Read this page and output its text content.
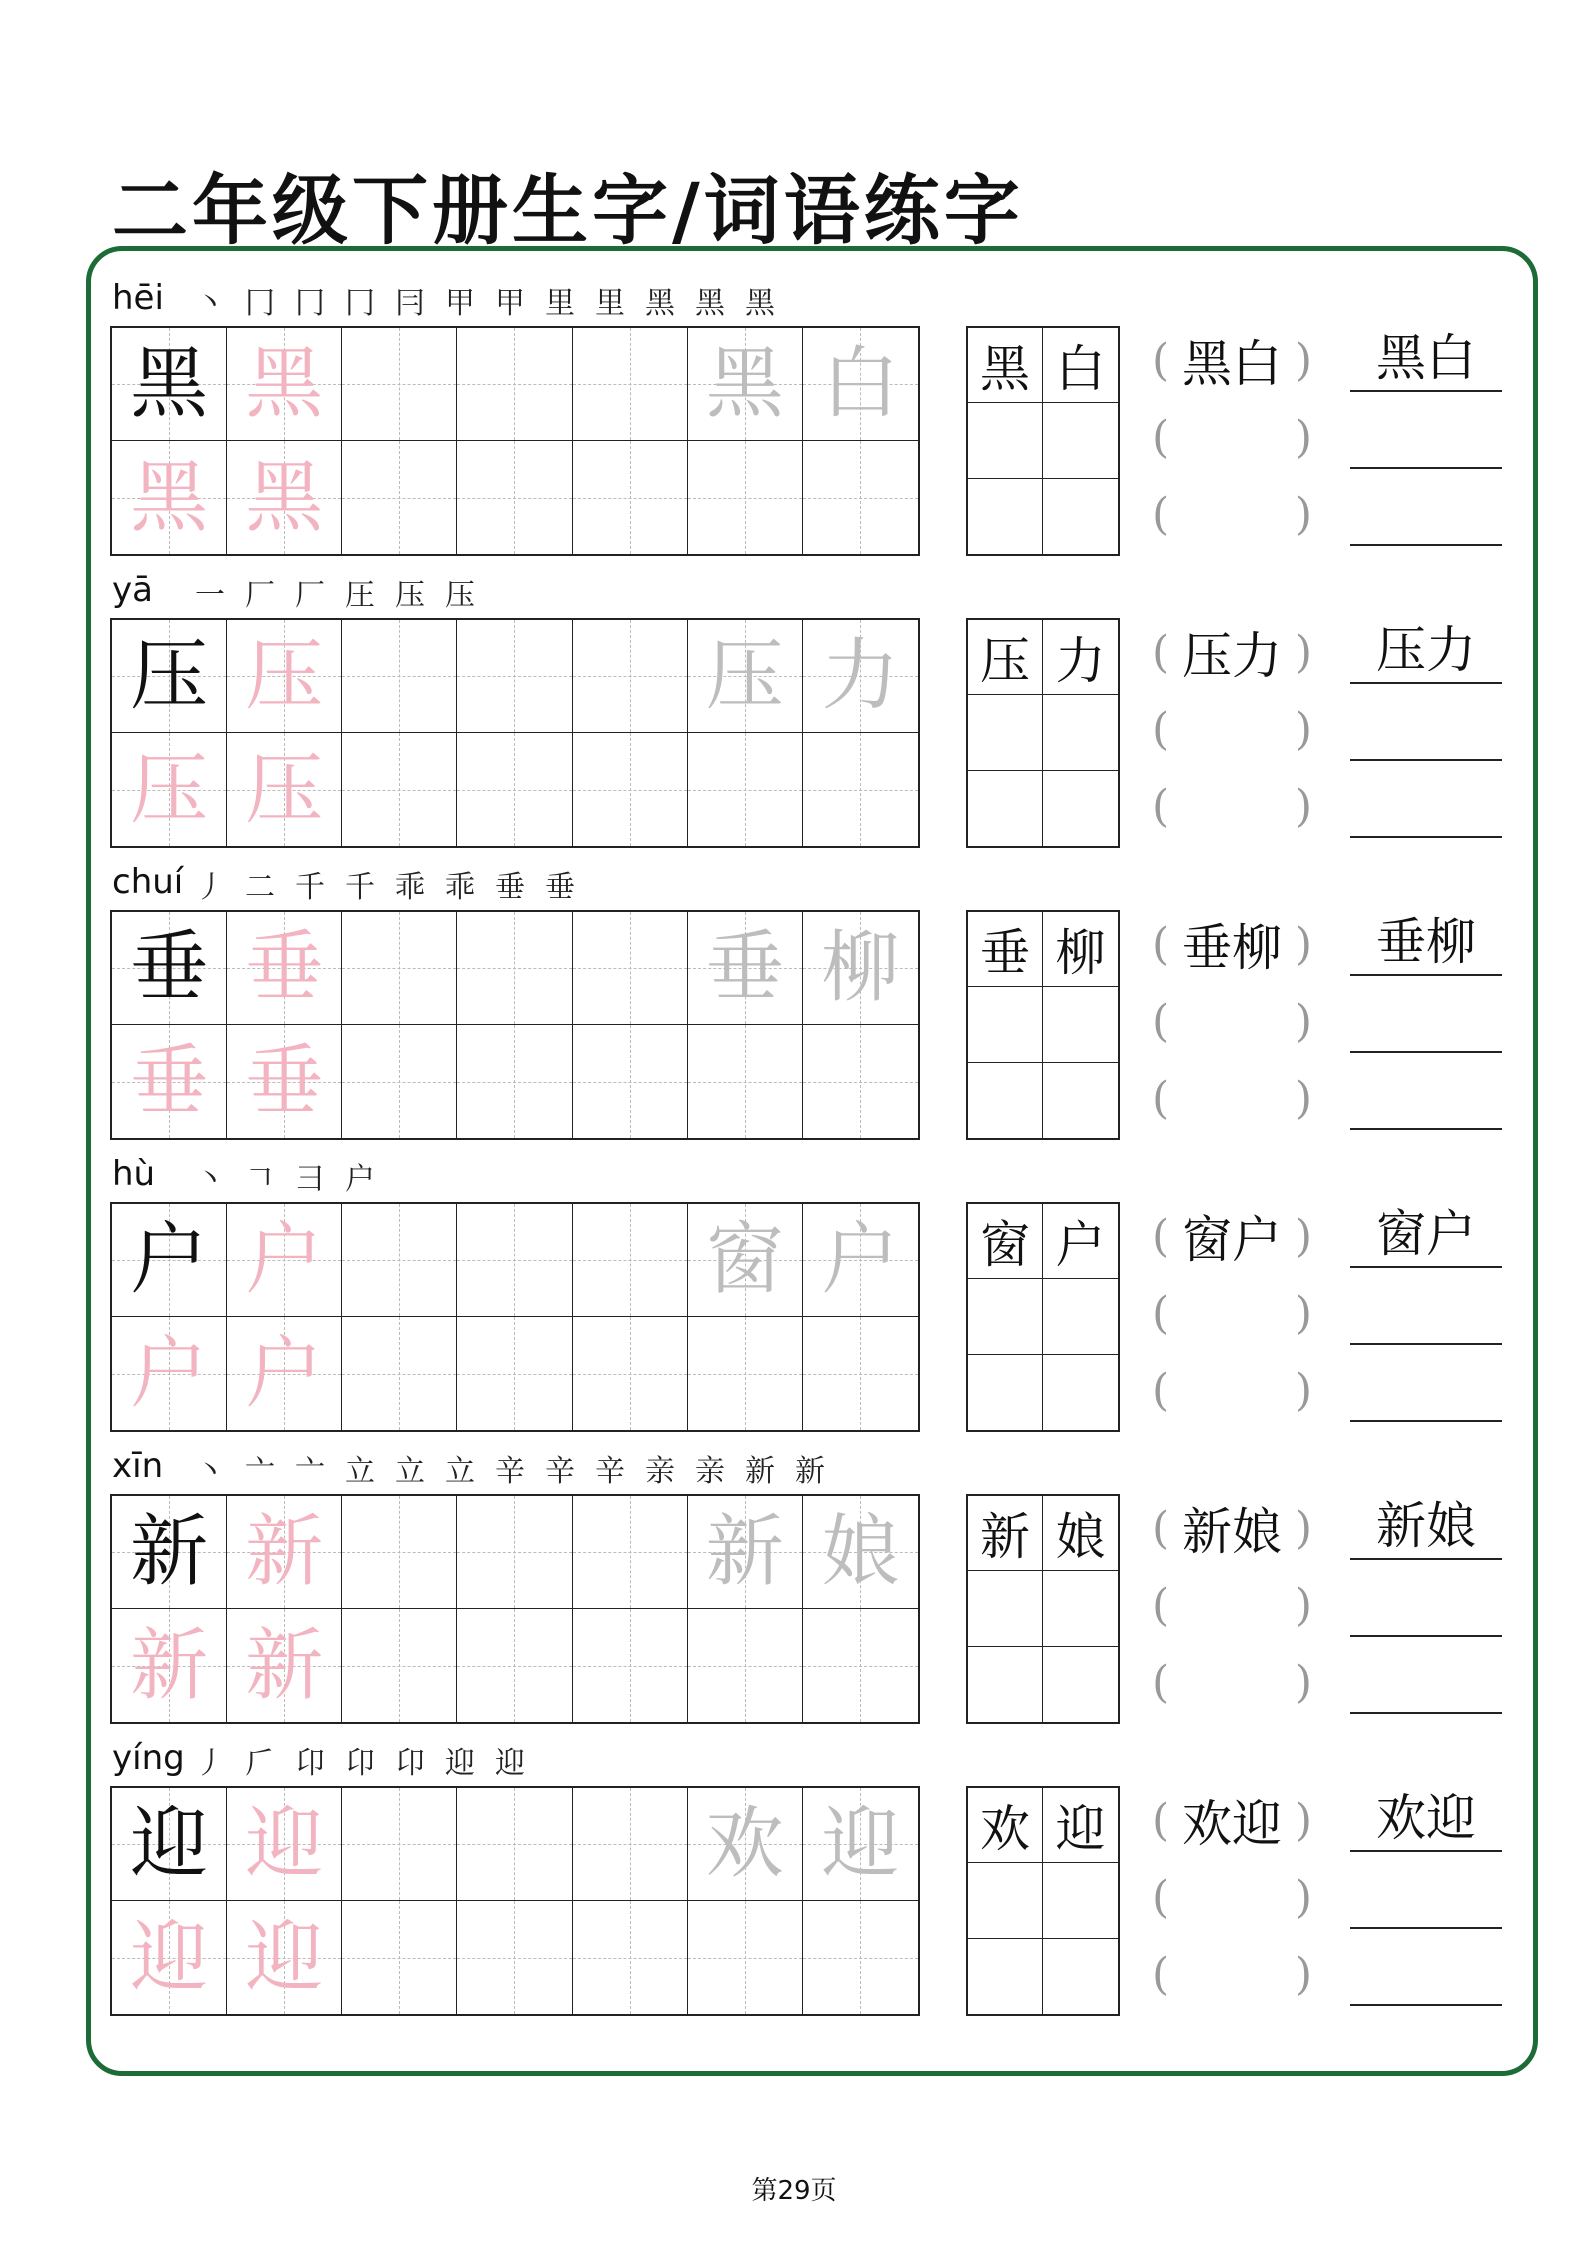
二年级下册生字/词语练字
hēi 丶 冂 冂 冂 冃 甲 甲 里 里 黑 黑 黑
黑 黑	黑 白
黑 黑
黑 白 ( 黑白 )
(	)
(	)
黑 白
yā 一 厂 厂 圧 压 压
压 压	压 力
压 压
压 力 ( 压力 )
(	)
(	)
压 力
chuí 丿 二 千 千 乖 乖 垂 垂
垂 垂	垂 柳
垂 垂
垂 柳 ( 垂柳 )
(	)
(	)
垂 柳
hù 丶 𠃍 彐 户
户 户	窗 户
户 户
窗 户 ( 窗户 )
(	)
(	)
窗 户
xīn 丶 亠 亠 立 立 立 辛 辛 辛 亲 亲 新 新
新 新	新 娘
新 新
新 娘 ( 新娘 )
(	)
(	)
新 娘
yíng 丿 𠂆 卬 卬 卬 迎 迎
迎 迎	欢 迎
迎 迎
欢 迎 ( 欢迎 )
(	)
(	)
欢 迎
第29页
